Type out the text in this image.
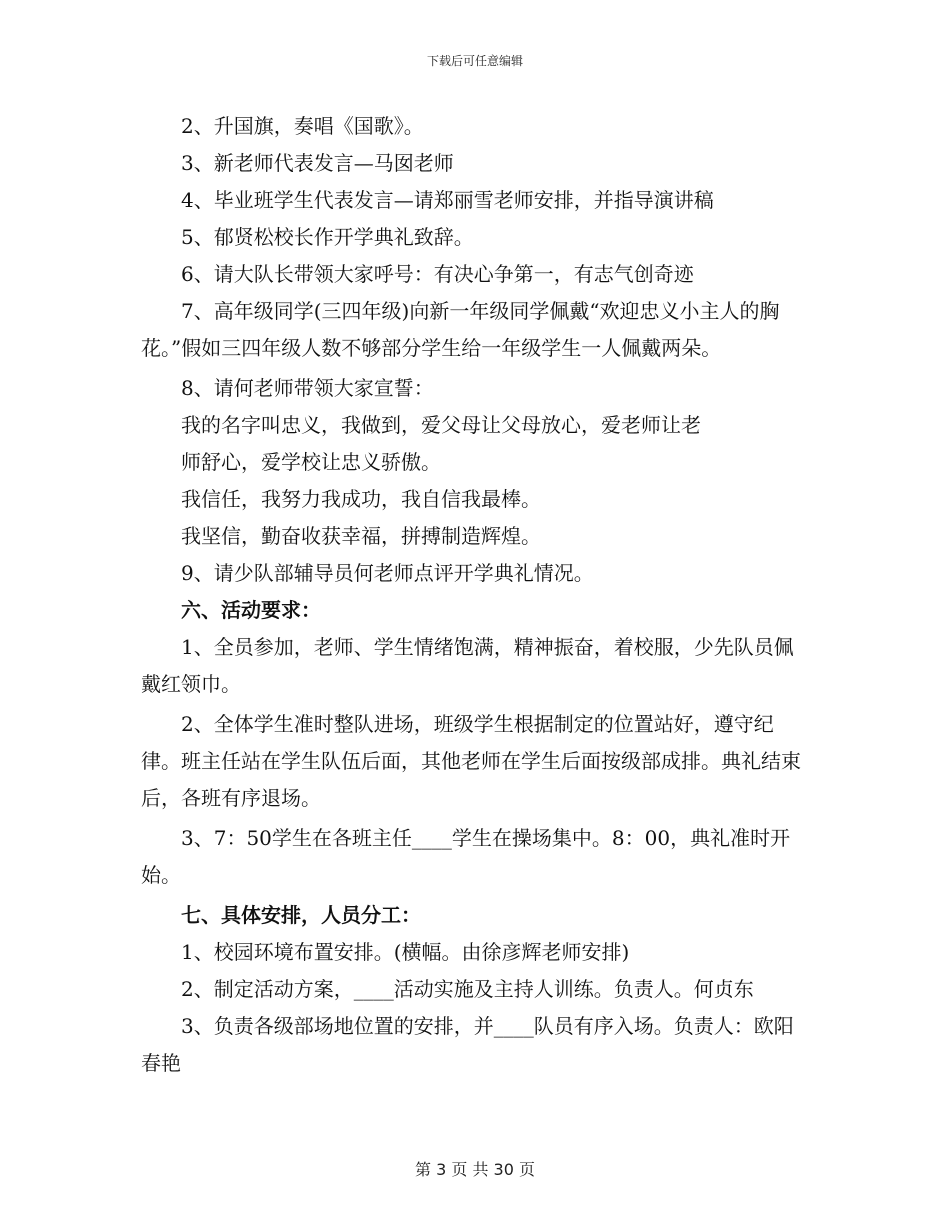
下载后可任意编辑

2、升国旗，奏唱《国歌》。

3、新老师代表发言—马囡老师

4、毕业班学生代表发言—请郑丽雪老师安排，并指导演讲稿

5、郁贤松校长作开学典礼致辞。

6、请大队长带领大家呼号：有决心争第一，有志气创奇迹

7、高年级同学(三四年级)向新一年级同学佩戴“欢迎忠义小主人的胸花。”假如三四年级人数不够部分学生给一年级学生一人佩戴两朵。

8、请何老师带领大家宣誓：

我的名字叫忠义，我做到，爱父母让父母放心，爱老师让老

师舒心，爱学校让忠义骄傲。

我信任，我努力我成功，我自信我最棒。

我坚信，勤奋收获幸福，拼搏制造辉煌。

9、请少队部辅导员何老师点评开学典礼情况。

六、活动要求：

1、全员参加，老师、学生情绪饱满，精神振奋，着校服，少先队员佩戴红领巾。

2、全体学生准时整队进场，班级学生根据制定的位置站好，遵守纪律。班主任站在学生队伍后面，其他老师在学生后面按级部成排。典礼结束后，各班有序退场。

3、7：50学生在各班主任____学生在操场集中。8：00，典礼准时开始。

七、具体安排，人员分工：

1、校园环境布置安排。(横幅。由徐彦辉老师安排)

2、制定活动方案，____活动实施及主持人训练。负责人。何贞东

3、负责各级部场地位置的安排，并____队员有序入场。负责人：欧阳春艳

第 3 页 共 30 页
